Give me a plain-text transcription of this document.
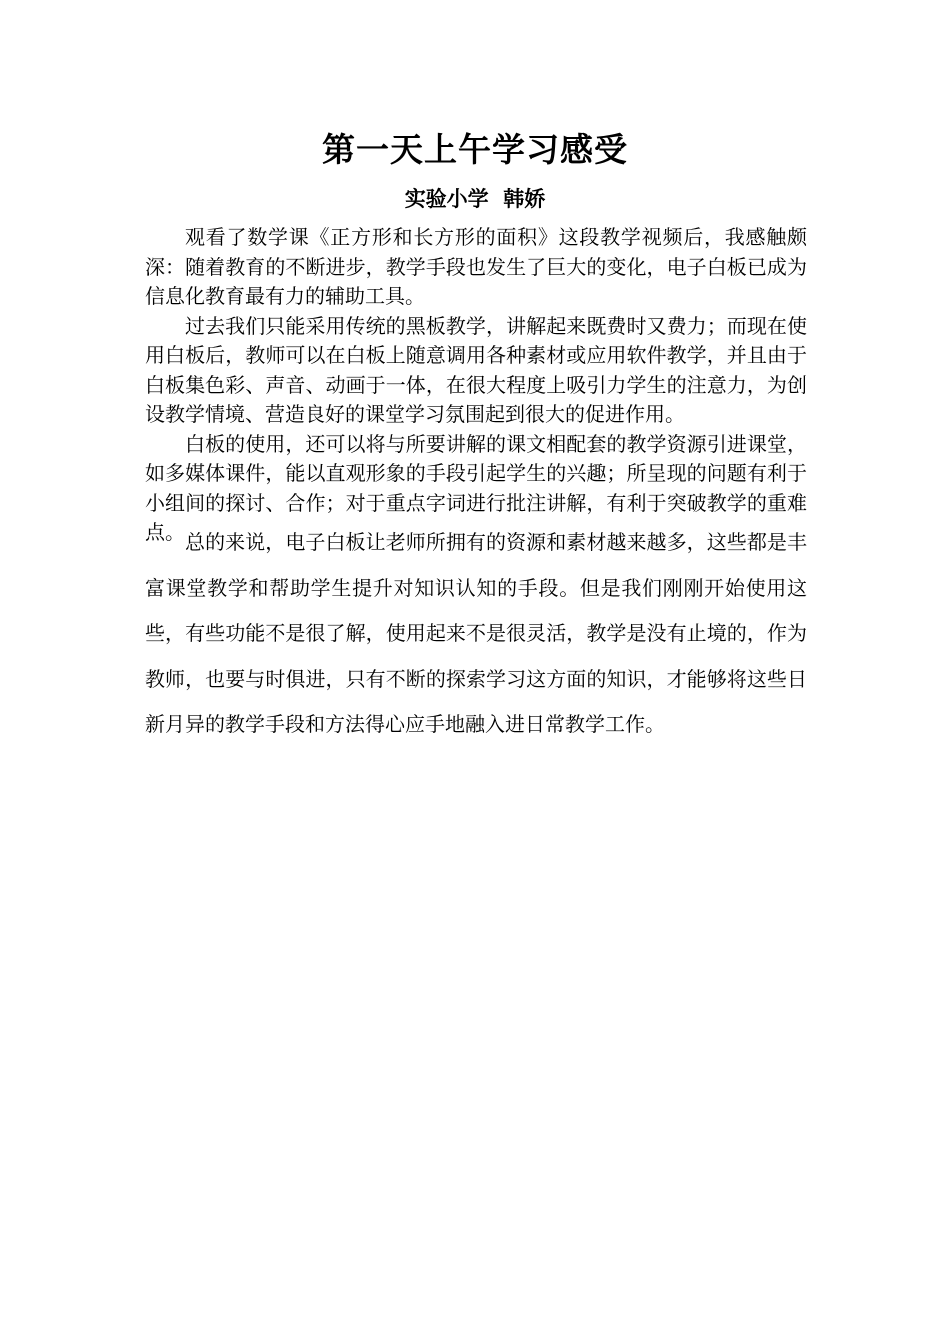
第一天上午学习感受
实验小学  韩娇

观看了数学课《正方形和长方形的面积》这段教学视频后，我感触颇深：随着教育的不断进步，教学手段也发生了巨大的变化，电子白板已成为信息化教育最有力的辅助工具。

过去我们只能采用传统的黑板教学，讲解起来既费时又费力；而现在使用白板后，教师可以在白板上随意调用各种素材或应用软件教学，并且由于白板集色彩、声音、动画于一体，在很大程度上吸引力学生的注意力，为创设教学情境、营造良好的课堂学习氛围起到很大的促进作用。

白板的使用，还可以将与所要讲解的课文相配套的教学资源引进课堂，如多媒体课件，能以直观形象的手段引起学生的兴趣；所呈现的问题有利于小组间的探讨、合作；对于重点字词进行批注讲解，有利于突破教学的重难点。 总的来说，电子白板让老师所拥有的资源和素材越来越多，这些都是丰富课堂教学和帮助学生提升对知识认知的手段。但是我们刚刚开始使用这些，有些功能不是很了解，使用起来不是很灵活，教学是没有止境的，作为教师，也要与时俱进，只有不断的探索学习这方面的知识，才能够将这些日新月异的教学手段和方法得心应手地融入进日常教学工作。
